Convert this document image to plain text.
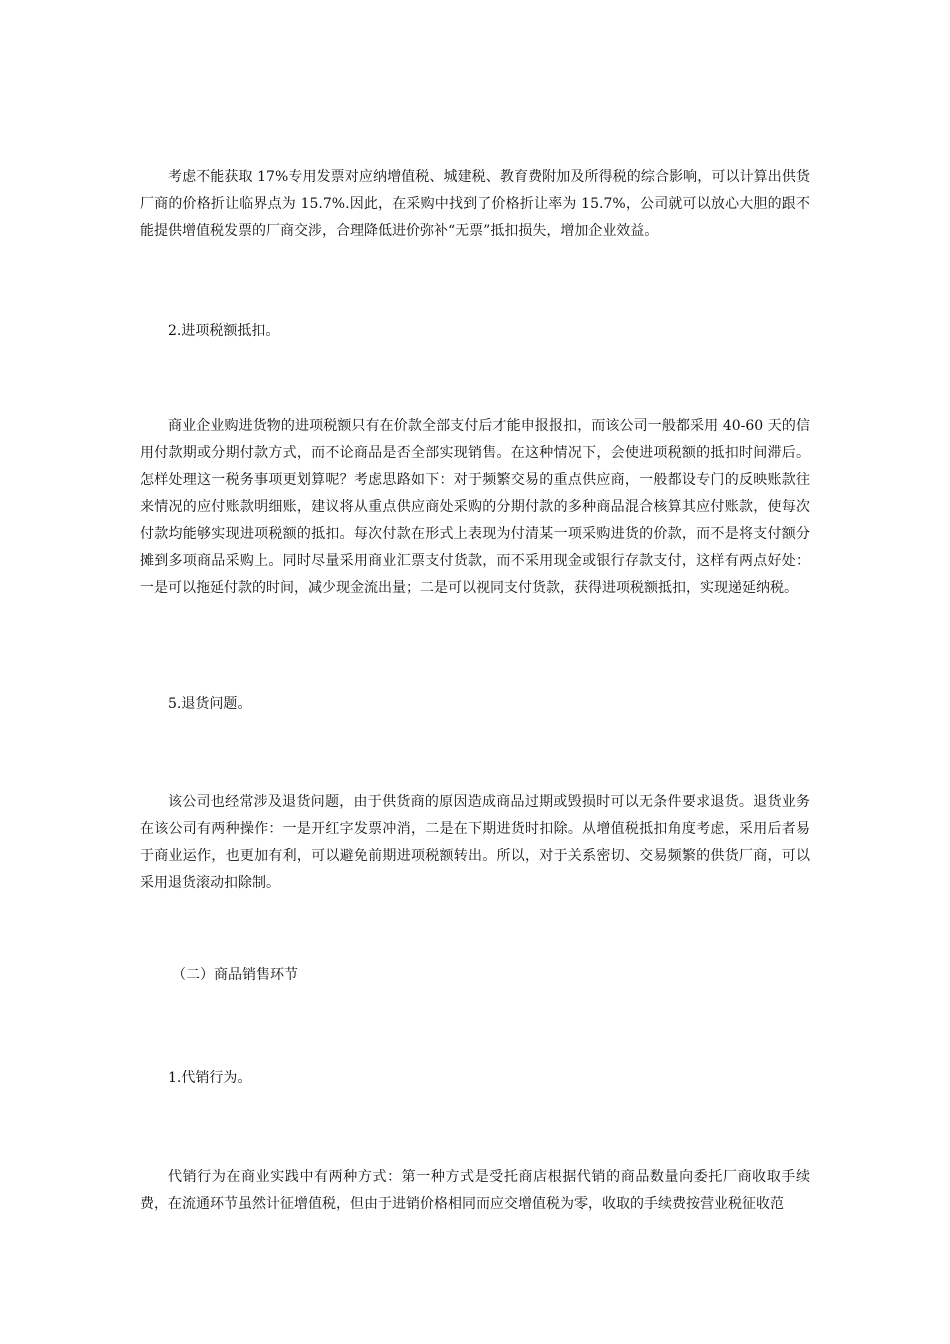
考虑不能获取 17%专用发票对应纳增值税、城建税、教育费附加及所得税的综合影响，可以计算出供货厂商的价格折让临界点为 15.7%.因此，在采购中找到了价格折让率为 15.7%，公司就可以放心大胆的跟不能提供增值税发票的厂商交涉，合理降低进价弥补“无票”抵扣损失，增加企业效益。

2.进项税额抵扣。

商业企业购进货物的进项税额只有在价款全部支付后才能申报报扣，而该公司一般都采用 40-60 天的信用付款期或分期付款方式，而不论商品是否全部实现销售。在这种情况下，会使进项税额的抵扣时间滞后。怎样处理这一税务事项更划算呢？考虑思路如下：对于频繁交易的重点供应商，一般都设专门的反映账款往来情况的应付账款明细账，建议将从重点供应商处采购的分期付款的多种商品混合核算其应付账款，使每次付款均能够实现进项税额的抵扣。每次付款在形式上表现为付清某一项采购进货的价款，而不是将支付额分摊到多项商品采购上。同时尽量采用商业汇票支付货款，而不采用现金或银行存款支付，这样有两点好处：一是可以拖延付款的时间，减少现金流出量；二是可以视同支付货款，获得进项税额抵扣，实现递延纳税。

5.退货问题。

该公司也经常涉及退货问题，由于供货商的原因造成商品过期或毁损时可以无条件要求退货。退货业务在该公司有两种操作：一是开红字发票冲消，二是在下期进货时扣除。从增值税抵扣角度考虑，采用后者易于商业运作，也更加有利，可以避免前期进项税额转出。所以，对于关系密切、交易频繁的供货厂商，可以采用退货滚动扣除制。

（二）商品销售环节

1.代销行为。

代销行为在商业实践中有两种方式：第一种方式是受托商店根据代销的商品数量向委托厂商收取手续费，在流通环节虽然计征增值税，但由于进销价格相同而应交增值税为零，收取的手续费按营业税征收范
